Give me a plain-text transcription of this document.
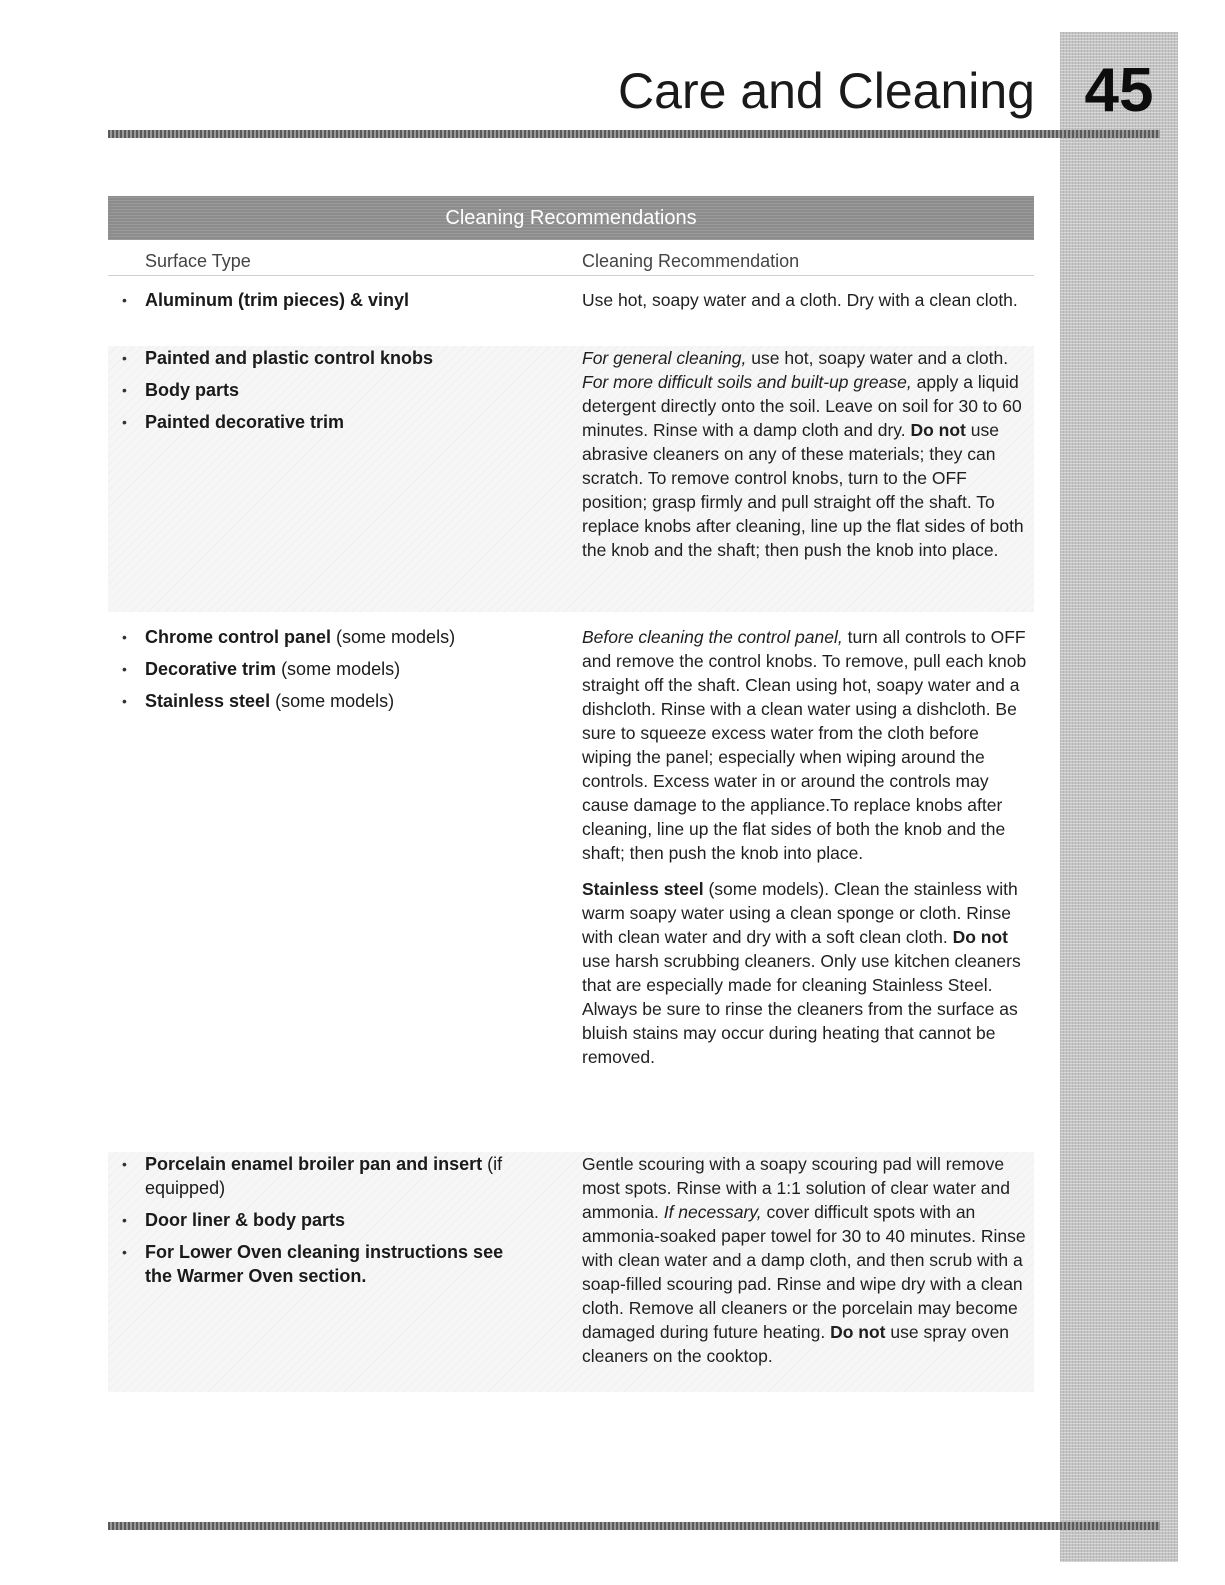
45
Care and Cleaning
Cleaning Recommendations
Surface Type	Cleaning Recommendation
• Aluminum (trim pieces) & vinyl	Use hot, soapy water and a cloth. Dry with a clean cloth.

• Painted and plastic control knobs
• Body parts
• Painted decorative trim

For general cleaning, use hot, soapy water and a cloth. For more difficult soils and built-up grease, apply a liquid detergent directly onto the soil. Leave on soil for 30 to 60 minutes. Rinse with a damp cloth and dry. Do not use abrasive cleaners on any of these materials; they can scratch. To remove control knobs, turn to the OFF position; grasp firmly and pull straight off the shaft. To replace knobs after cleaning, line up the flat sides of both the knob and the shaft; then push the knob into place.

• Chrome control panel (some models)
• Decorative trim (some models)
• Stainless steel (some models)

Before cleaning the control panel, turn all controls to OFF and remove the control knobs. To remove, pull each knob straight off the shaft. Clean using hot, soapy water and a dishcloth. Rinse with a clean water using a dishcloth. Be sure to squeeze excess water from the cloth before wiping the panel; especially when wiping around the controls. Excess water in or around the controls may cause damage to the appliance.To replace knobs after cleaning, line up the flat sides of both the knob and the shaft; then push the knob into place.

Stainless steel (some models). Clean the stainless with warm soapy water using a clean sponge or cloth. Rinse with clean water and dry with a soft clean cloth. Do not use harsh scrubbing cleaners. Only use kitchen cleaners that are especially made for cleaning Stainless Steel. Always be sure to rinse the cleaners from the surface as bluish stains may occur during heating that cannot be removed.

• Porcelain enamel broiler pan and insert (if equipped)
• Door liner & body parts
• For Lower Oven cleaning instructions see the Warmer Oven section.

Gentle scouring with a soapy scouring pad will remove most spots. Rinse with a 1:1 solution of clear water and ammonia. If necessary, cover difficult spots with an ammonia-soaked paper towel for 30 to 40 minutes. Rinse with clean water and a damp cloth, and then scrub with a soap-filled scouring pad. Rinse and wipe dry with a clean cloth. Remove all cleaners or the porcelain may become damaged during future heating. Do not use spray oven cleaners on the cooktop.
